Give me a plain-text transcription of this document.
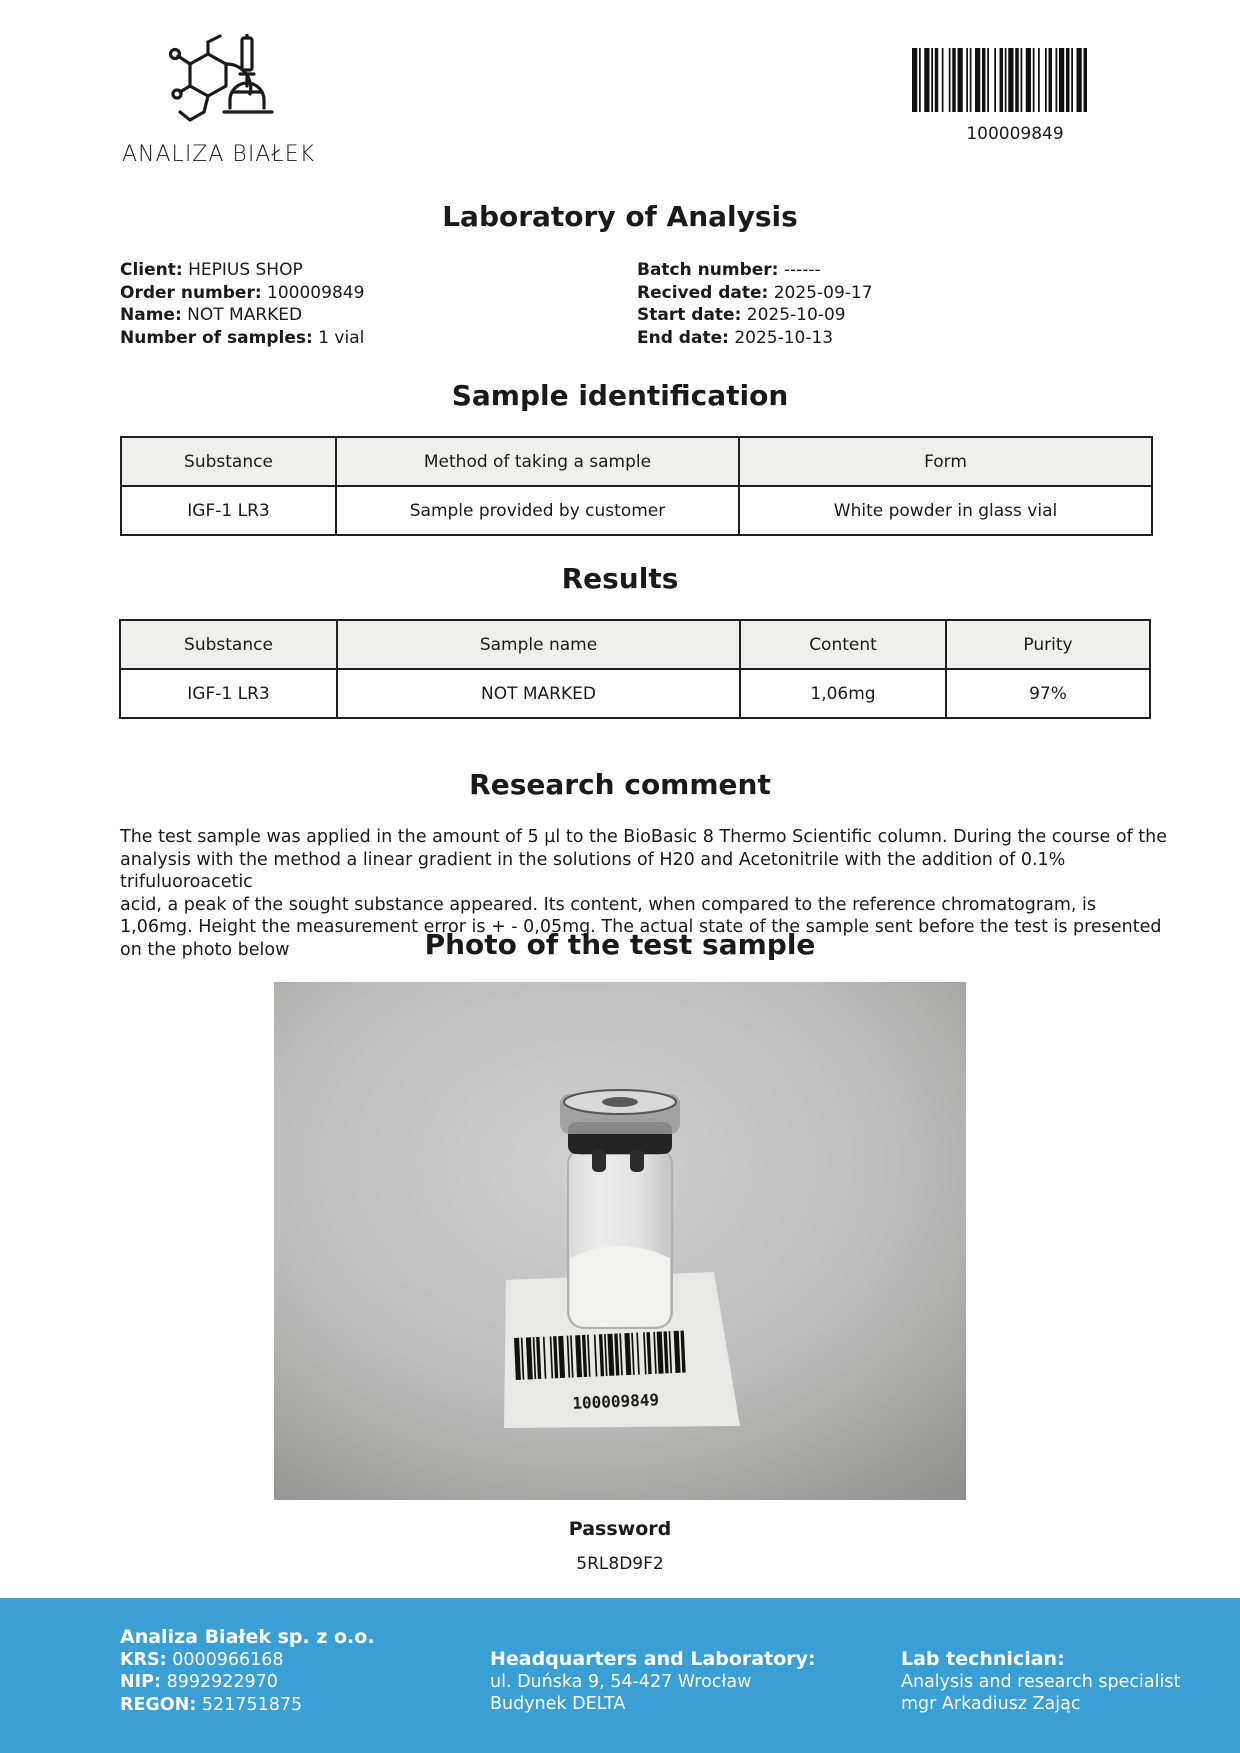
ANALIZA BIAŁEK
100009849
Laboratory of Analysis
Client: HEPIUS SHOP
Order number: 100009849
Name: NOT MARKED
Number of samples: 1 vial
Batch number: ------
Recived date: 2025-09-17
Start date: 2025-10-09
End date: 2025-10-13
Sample identification
Substance	Method of taking a sample	Form
IGF-1 LR3	Sample provided by customer	White powder in glass vial
Results
Substance	Sample name	Content	Purity
IGF-1 LR3	NOT MARKED	1,06mg	97%
Research comment
The test sample was applied in the amount of 5 µl to the BioBasic 8 Thermo Scientific column. During the course of the
analysis with the method a linear gradient in the solutions of H20 and Acetonitrile with the addition of 0.1% trifuluoroacetic
acid, a peak of the sought substance appeared. Its content, when compared to the reference chromatogram, is
1,06mg. Height the measurement error is + - 0,05mg. The actual state of the sample sent before the test is presented
on the photo below	Photo of the test sample
100009849
Password
5RL8D9F2
Analiza Białek sp. z o.o.
KRS: 0000966168
NIP: 8992922970
REGON: 521751875
Headquarters and Laboratory:
ul. Duńska 9, 54-427 Wrocław
Budynek DELTA
Lab technician:
Analysis and research specialist
mgr Arkadiusz Zając
